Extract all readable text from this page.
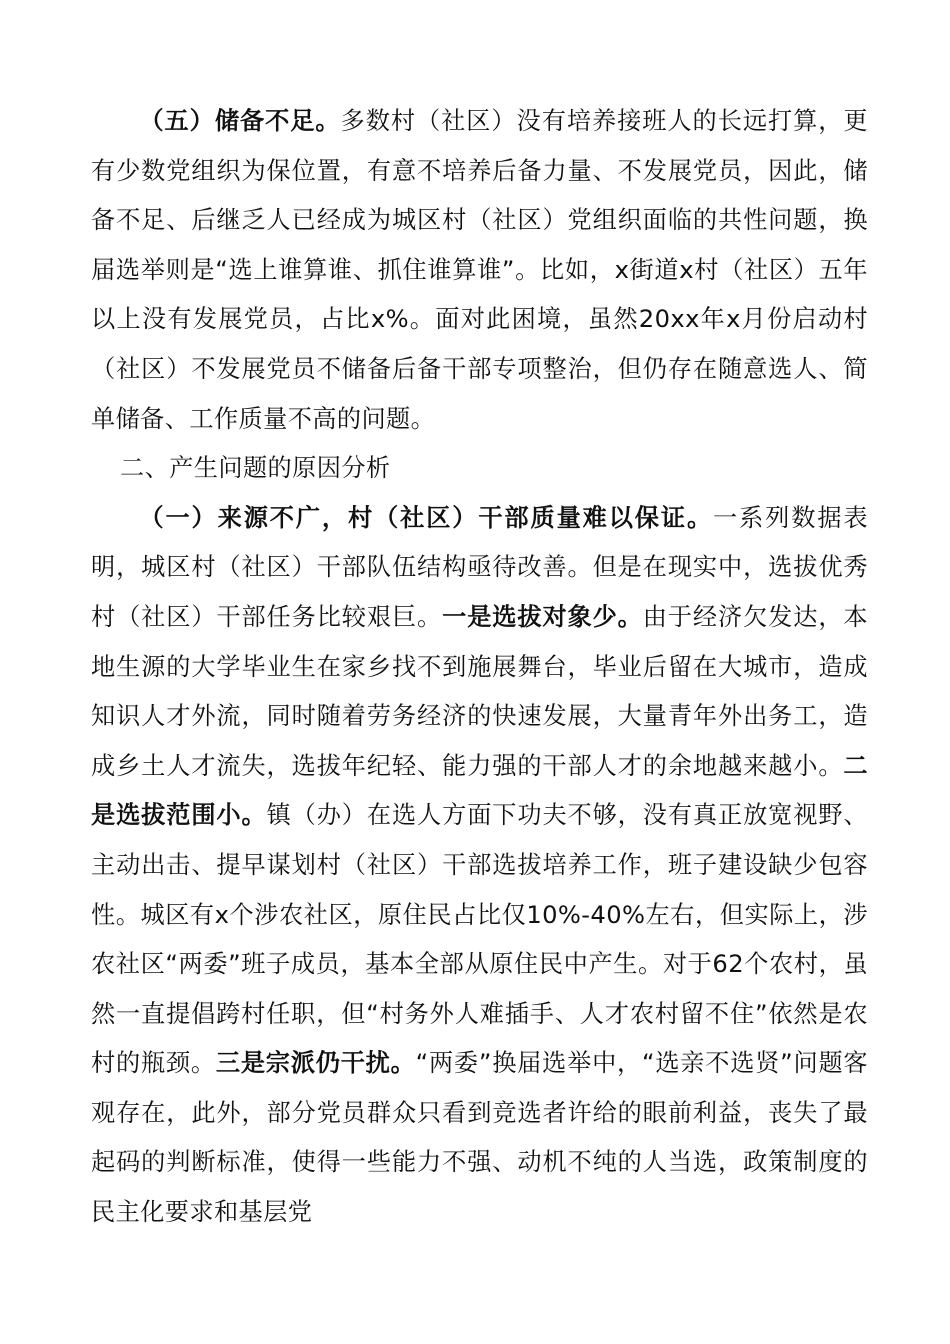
（五）储备不足。多数村（社区）没有培养接班人的长远打算，更有少数党组织为保位置，有意不培养后备力量、不发展党员，因此，储备不足、后继乏人已经成为城区村（社区）党组织面临的共性问题，换届选举则是“选上谁算谁、抓住谁算谁”。比如，x街道x村（社区）五年以上没有发展党员，占比x%。面对此困境，虽然20xx年x月份启动村（社区）不发展党员不储备后备干部专项整治，但仍存在随意选人、简单储备、工作质量不高的问题。

二、产生问题的原因分析

（一）来源不广，村（社区）干部质量难以保证。一系列数据表明，城区村（社区）干部队伍结构亟待改善。但是在现实中，选拔优秀村（社区）干部任务比较艰巨。一是选拔对象少。由于经济欠发达，本地生源的大学毕业生在家乡找不到施展舞台，毕业后留在大城市，造成知识人才外流，同时随着劳务经济的快速发展，大量青年外出务工，造成乡土人才流失，选拔年纪轻、能力强的干部人才的余地越来越小。二是选拔范围小。镇（办）在选人方面下功夫不够，没有真正放宽视野、主动出击、提早谋划村（社区）干部选拔培养工作，班子建设缺少包容性。城区有x个涉农社区，原住民占比仅10%-40%左右，但实际上，涉农社区“两委”班子成员，基本全部从原住民中产生。对于62个农村，虽然一直提倡跨村任职，但“村务外人难插手、人才农村留不住”依然是农村的瓶颈。三是宗派仍干扰。“两委”换届选举中，“选亲不选贤”问题客观存在，此外，部分党员群众只看到竞选者许给的眼前利益，丧失了最起码的判断标准，使得一些能力不强、动机不纯的人当选，政策制度的民主化要求和基层党
